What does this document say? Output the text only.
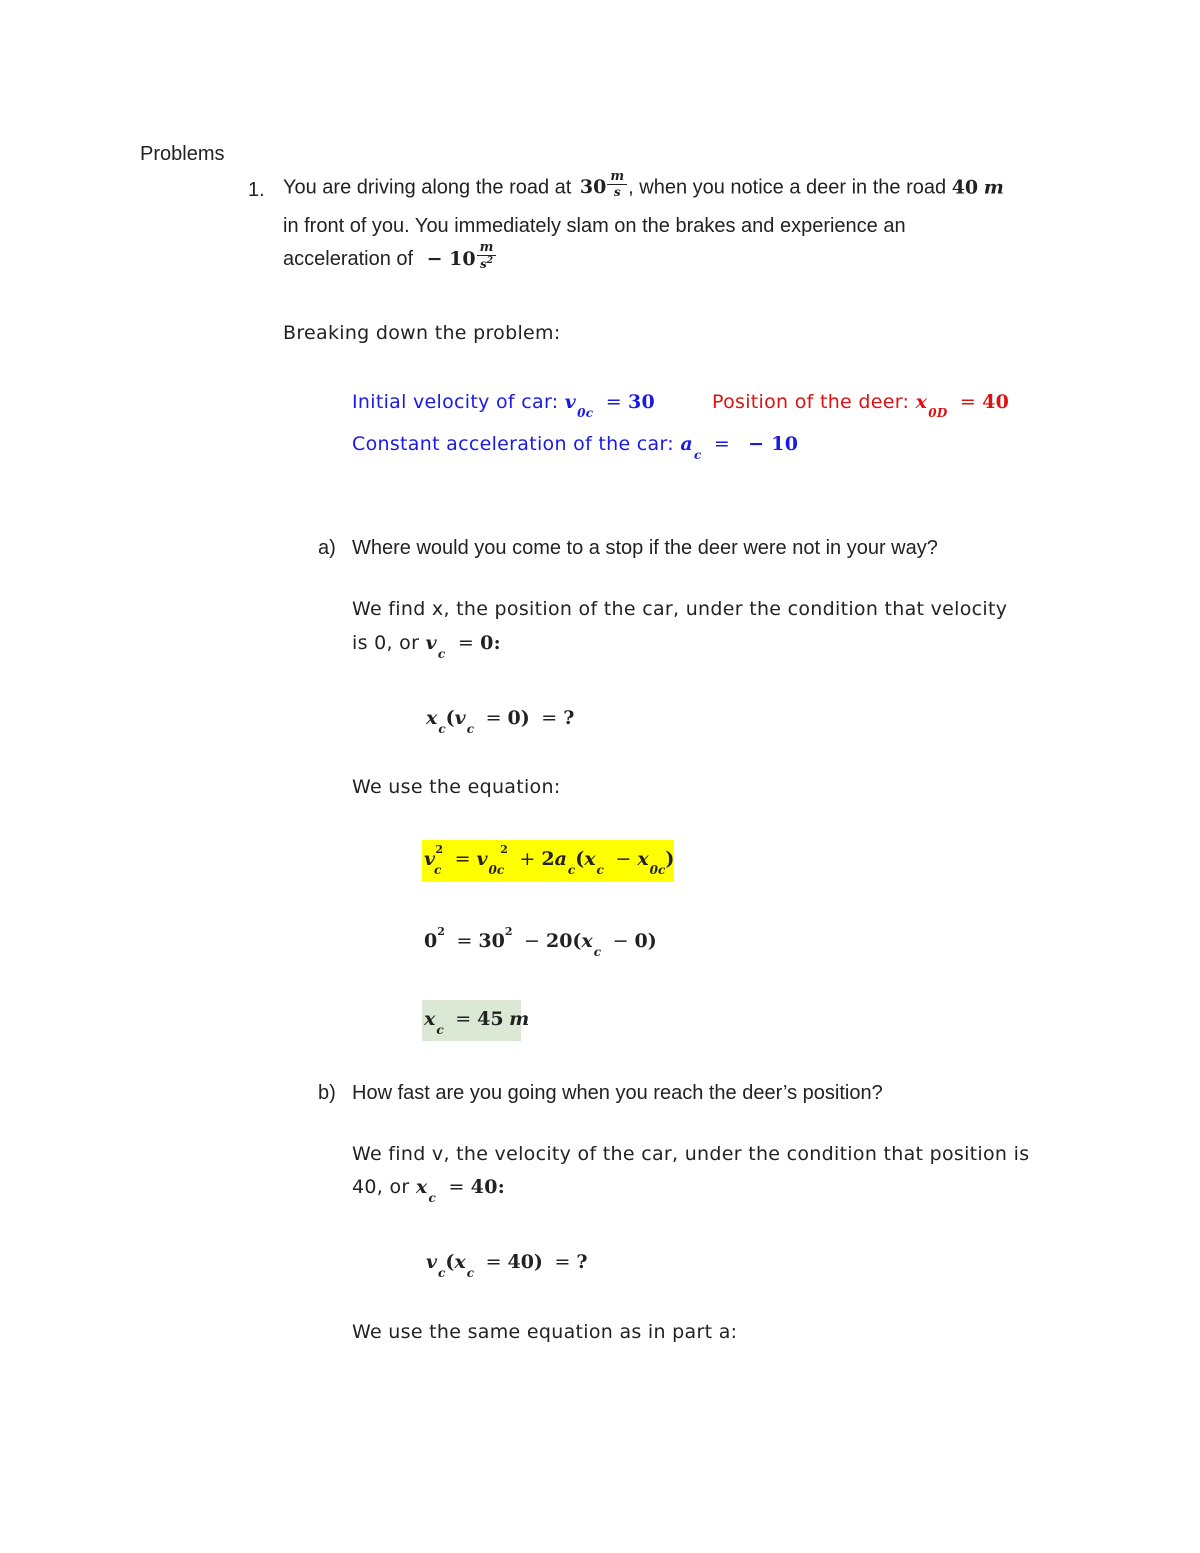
Problems
1. You are driving along the road at $30 \frac{m}{s}$ , when you notice a deer in the road 40 m
in front of you. You immediately slam on the brakes and experience an
acceleration of − $10 \frac{m}{s^2}$
Breaking down the problem:
Initial velocity of car: $v_{0c} = 30$	Position of the deer: $x_{0D} = 40$
Constant acceleration of the car: $a_c$ = − 10
a) Where would you come to a stop if the deer were not in your way?
We find x, the position of the car, under the condition that velocity
is 0, or $v_c = 0$:
$x_c(v_c = 0)$ = ?
We use the equation:
$v_c^2 = v_{0c}^2 + 2a_c(x_c - x_{0c})$
$0^2 = 30^2 - 20(x_c - 0)$
$x_c = 45$ m
b) How fast are you going when you reach the deer’s position?
We find v, the velocity of the car, under the condition that position is
40, or $x_c = 40$:
$v_c(x_c = 40)$ = ?
We use the same equation as in part a:
